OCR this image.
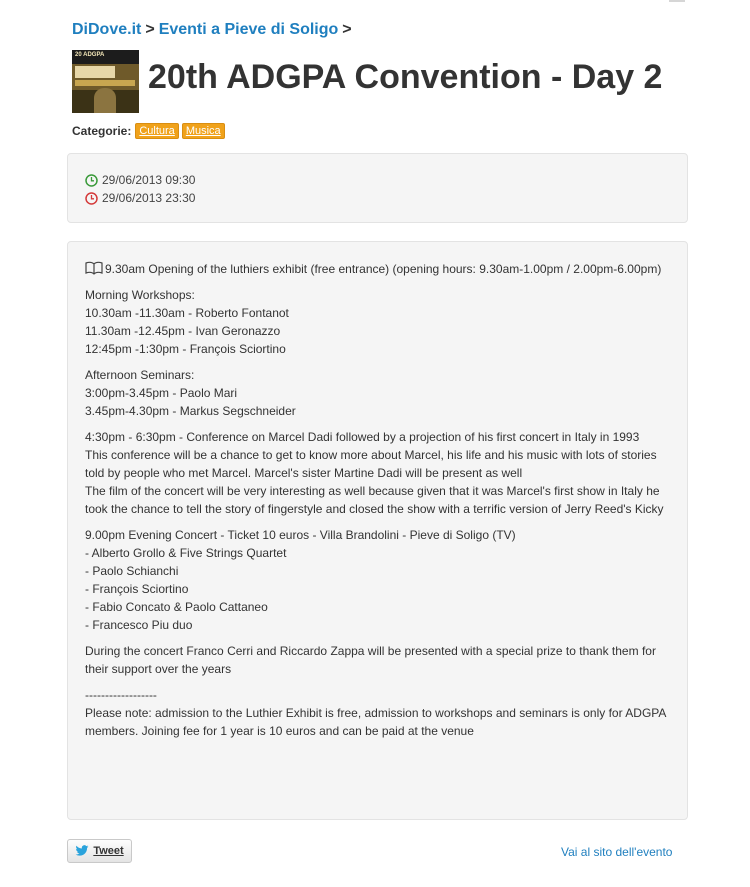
DiDove.it > Eventi a Pieve di Soligo >
20 ADGPA
20th ADGPA Convention - Day 2
Categorie: Cultura	Musica
29/06/2013 09:30
29/06/2013 23:30

9.30am Opening of the luthiers exhibit (free entrance) (opening hours: 9.30am-1.00pm / 2.00pm-6.00pm)

Morning Workshops:
10.30am -11.30am - Roberto Fontanot
11.30am -12.45pm - Ivan Geronazzo
12:45pm -1:30pm - François Sciortino

Afternoon Seminars:
3:00pm-3.45pm - Paolo Mari
3.45pm-4.30pm - Markus Segschneider

4:30pm - 6:30pm - Conference on Marcel Dadi followed by a projection of his first concert in Italy in 1993
This conference will be a chance to get to know more about Marcel, his life and his music with lots of stories told by people who met Marcel. Marcel's sister Martine Dadi will be present as well
The film of the concert will be very interesting as well because given that it was Marcel's first show in Italy he took the chance to tell the story of fingerstyle and closed the show with a terrific version of Jerry Reed's Kicky

9.00pm Evening Concert - Ticket 10 euros - Villa Brandolini - Pieve di Soligo (TV)
- Alberto Grollo & Five Strings Quartet
- Paolo Schianchi
- François Sciortino
- Fabio Concato & Paolo Cattaneo
- Francesco Piu duo

During the concert Franco Cerri and Riccardo Zappa will be presented with a special prize to thank them for their support over the years

------------------
Please note: admission to the Luthier Exhibit is free, admission to workshops and seminars is only for ADGPA members. Joining fee for 1 year is 10 euros and can be paid at the venue

Tweet	Vai al sito dell'evento
